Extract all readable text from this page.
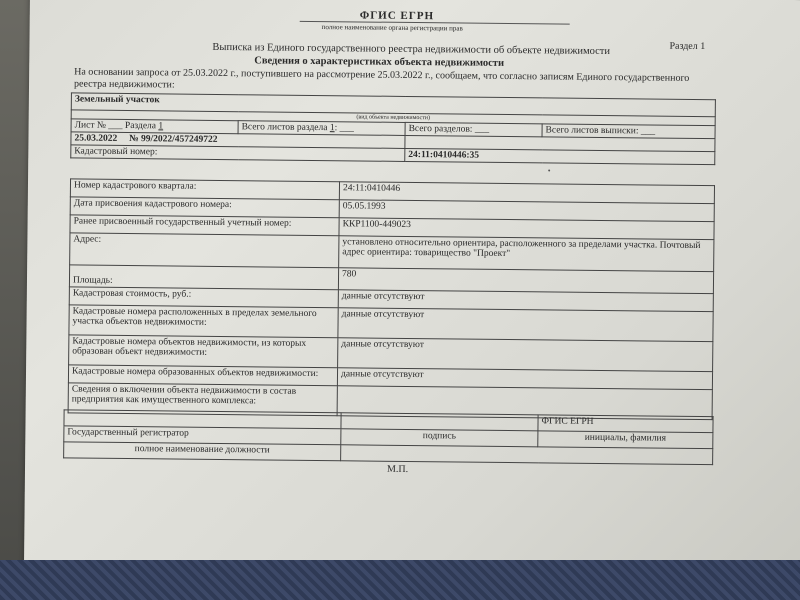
ФГИС ЕГРН
полное наименование органа регистрации прав
Раздел 1
Выписка из Единого государственного реестра недвижимости об объекте недвижимости
Сведения о характеристиках объекта недвижимости
На основании запроса от 25.03.2022 г., поступившего на рассмотрение 25.03.2022 г., сообщаем, что согласно записям Единого государственного реестра недвижимости:
Земельный участок			
(вид объекта недвижимости)			
Лист № ___ Раздела 1	Всего листов раздела 1: ___	Всего разделов: ___	Всего листов выписки: ___
25.03.2022 № 99/2022/457249722			
Кадастровый номер:		24:11:0410446:35	
Номер кадастрового квартала:	24:11:0410446
Дата присвоения кадастрового номера:	05.05.1993
Ранее присвоенный государственный учетный номер:	ККР1100-449023
Адрес:	установлено относительно ориентира, расположенного за пределами участка. Почтовый адрес ориентира: товарищество "Проект"
Площадь:	780
Кадастровая стоимость, руб.:	данные отсутствуют
Кадастровые номера расположенных в пределах земельного участка объектов недвижимости:	данные отсутствуют
Кадастровые номера объектов недвижимости, из которых образован объект недвижимости:	данные отсутствуют
Кадастровые номера образованных объектов недвижимости:	данные отсутствуют
Сведения о включении объекта недвижимости в состав предприятия как имущественного комплекса:	
		ФГИС ЕГРН
Государственный регистратор	подпись	инициалы, фамилия
полное наименование должности		
М.П.
